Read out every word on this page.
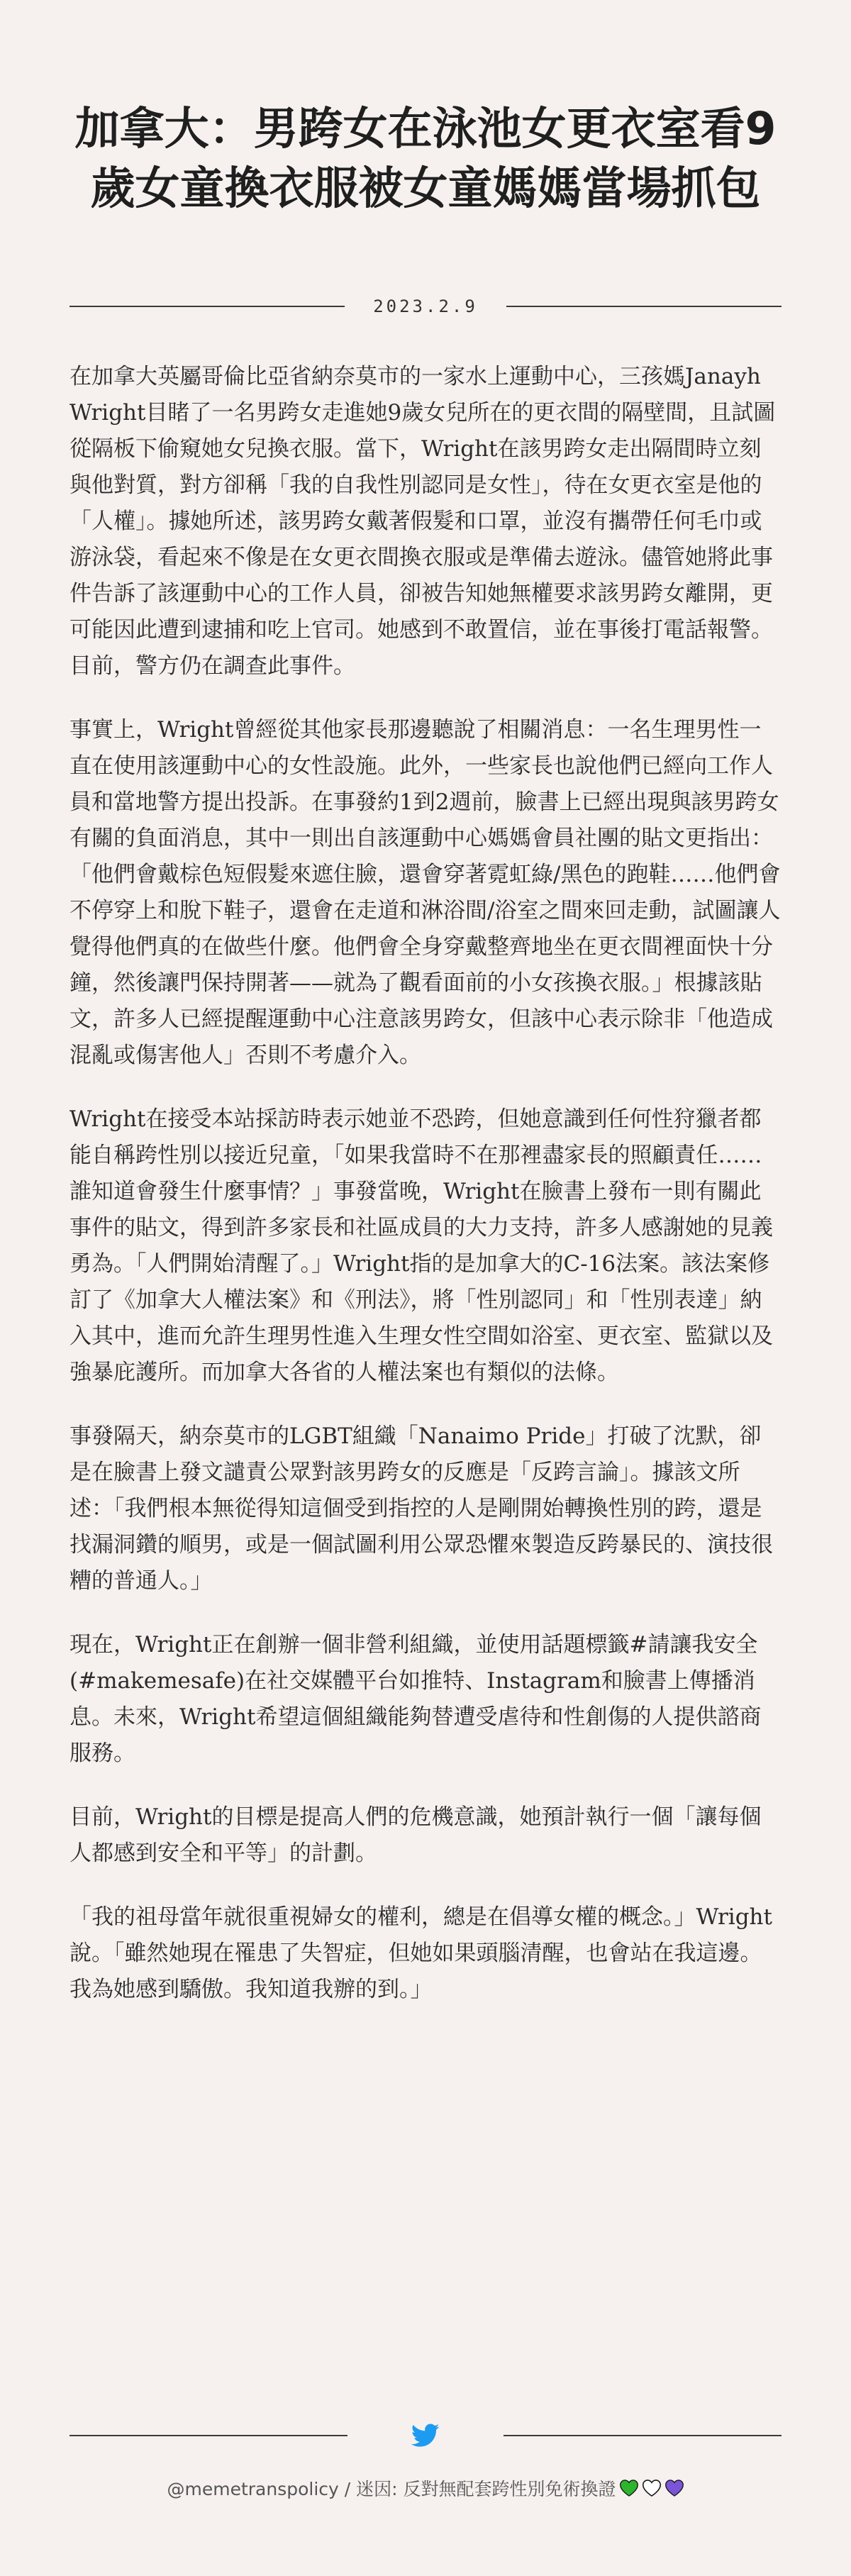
加拿大：男跨女在泳池女更衣室看9歲女童換衣服被女童媽媽當場抓包
2023.2.9

在加拿大英屬哥倫比亞省納奈莫市的一家水上運動中心，三孩媽Janayh Wright目睹了一名男跨女走進她9歲女兒所在的更衣間的隔壁間，且試圖從隔板下偷窺她女兒換衣服。當下，Wright在該男跨女走出隔間時立刻與他對質，對方卻稱「我的自我性別認同是女性」，待在女更衣室是他的「人權」。據她所述，該男跨女戴著假髮和口罩，並沒有攜帶任何毛巾或游泳袋，看起來不像是在女更衣間換衣服或是準備去遊泳。儘管她將此事件告訴了該運動中心的工作人員，卻被告知她無權要求該男跨女離開，更可能因此遭到逮捕和吃上官司。她感到不敢置信，並在事後打電話報警。目前，警方仍在調查此事件。

事實上，Wright曾經從其他家長那邊聽說了相關消息：一名生理男性一直在使用該運動中心的女性設施。此外，一些家長也說他們已經向工作人員和當地警方提出投訴。在事發約1到2週前，臉書上已經出現與該男跨女有關的負面消息，其中一則出自該運動中心媽媽會員社團的貼文更指出：「他們會戴棕色短假髮來遮住臉，還會穿著霓虹綠/黑色的跑鞋……他們會不停穿上和脫下鞋子，還會在走道和淋浴間/浴室之間來回走動，試圖讓人覺得他們真的在做些什麼。他們會全身穿戴整齊地坐在更衣間裡面快十分鐘，然後讓門保持開著——就為了觀看面前的小女孩換衣服。」根據該貼文，許多人已經提醒運動中心注意該男跨女，但該中心表示除非「他造成混亂或傷害他人」否則不考慮介入。

Wright在接受本站採訪時表示她並不恐跨，但她意識到任何性狩獵者都能自稱跨性別以接近兒童，「如果我當時不在那裡盡家長的照顧責任……誰知道會發生什麼事情？」事發當晚，Wright在臉書上發布一則有關此事件的貼文，得到許多家長和社區成員的大力支持，許多人感謝她的見義勇為。「人們開始清醒了。」Wright指的是加拿大的C-16法案。該法案修訂了《加拿大人權法案》和《刑法》，將「性別認同」和「性別表達」納入其中，進而允許生理男性進入生理女性空間如浴室、更衣室、監獄以及強暴庇護所。而加拿大各省的人權法案也有類似的法條。

事發隔天，納奈莫市的LGBT組織「Nanaimo Pride」打破了沈默，卻是在臉書上發文譴責公眾對該男跨女的反應是「反跨言論」。據該文所述：「我們根本無從得知這個受到指控的人是剛開始轉換性別的跨，還是找漏洞鑽的順男，或是一個試圖利用公眾恐懼來製造反跨暴民的、演技很糟的普通人。」

現在，Wright正在創辦一個非營利組織，並使用話題標籤#請讓我安全(#makemesafe)在社交媒體平台如推特、Instagram和臉書上傳播消息。未來，Wright希望這個組織能夠替遭受虐待和性創傷的人提供諮商服務。

目前，Wright的目標是提高人們的危機意識，她預計執行一個「讓每個人都感到安全和平等」的計劃。

「我的祖母當年就很重視婦女的權利，總是在倡導女權的概念。」Wright說。「雖然她現在罹患了失智症，但她如果頭腦清醒，也會站在我這邊。我為她感到驕傲。我知道我辦的到。」

@memetranspolicy / 迷因: 反對無配套跨性別免術換證
